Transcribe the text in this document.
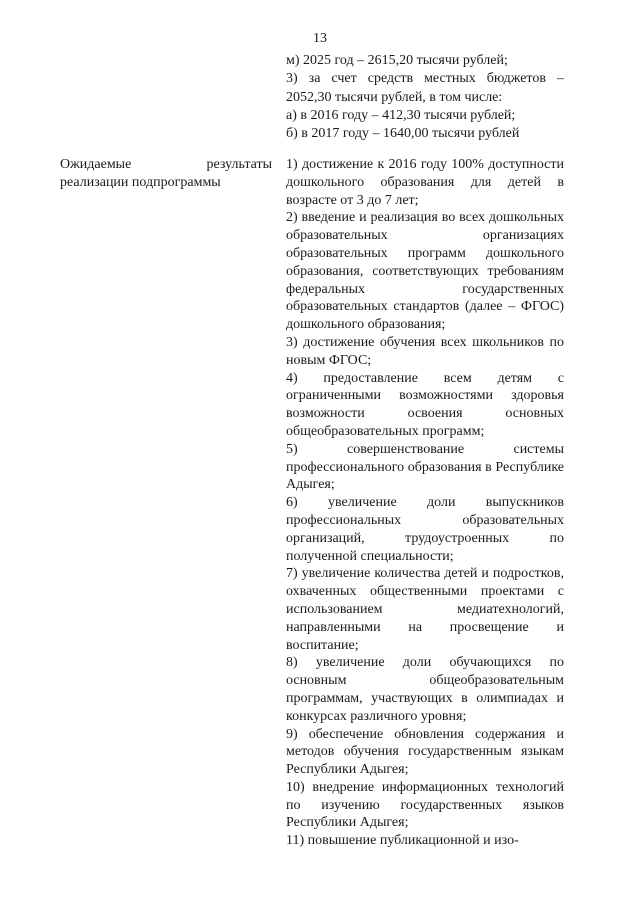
13
м) 2025 год – 2615,20 тысячи рублей;
3) за счет средств местных бюджетов – 2052,30 тысячи рублей, в том числе:
а) в 2016 году – 412,30 тысячи рублей;
б) в 2017 году – 1640,00 тысячи рублей
Ожидаемые результаты реализации подпрограммы
1) достижение к 2016 году 100% доступности дошкольного образования для детей в возрасте от 3 до 7 лет;
2) введение и реализация во всех дошкольных образовательных организациях образовательных программ дошкольного образования, соответствующих требованиям федеральных государственных образовательных стандартов (далее – ФГОС) дошкольного образования;
3) достижение обучения всех школьников по новым ФГОС;
4) предоставление всем детям с ограниченными возможностями здоровья возможности освоения основных общеобразовательных программ;
5) совершенствование системы профессионального образования в Республике Адыгея;
6) увеличение доли выпускников профессиональных образовательных организаций, трудоустроенных по полученной специальности;
7) увеличение количества детей и подростков, охваченных общественными проектами с использованием медиатехнологий, направленными на просвещение и воспитание;
8) увеличение доли обучающихся по основным общеобразовательным программам, участвующих в олимпиадах и конкурсах различного уровня;
9) обеспечение обновления содержания и методов обучения государственным языкам Республики Адыгея;
10) внедрение информационных технологий по изучению государственных языков Республики Адыгея;
11) повышение публикационной и изо-
